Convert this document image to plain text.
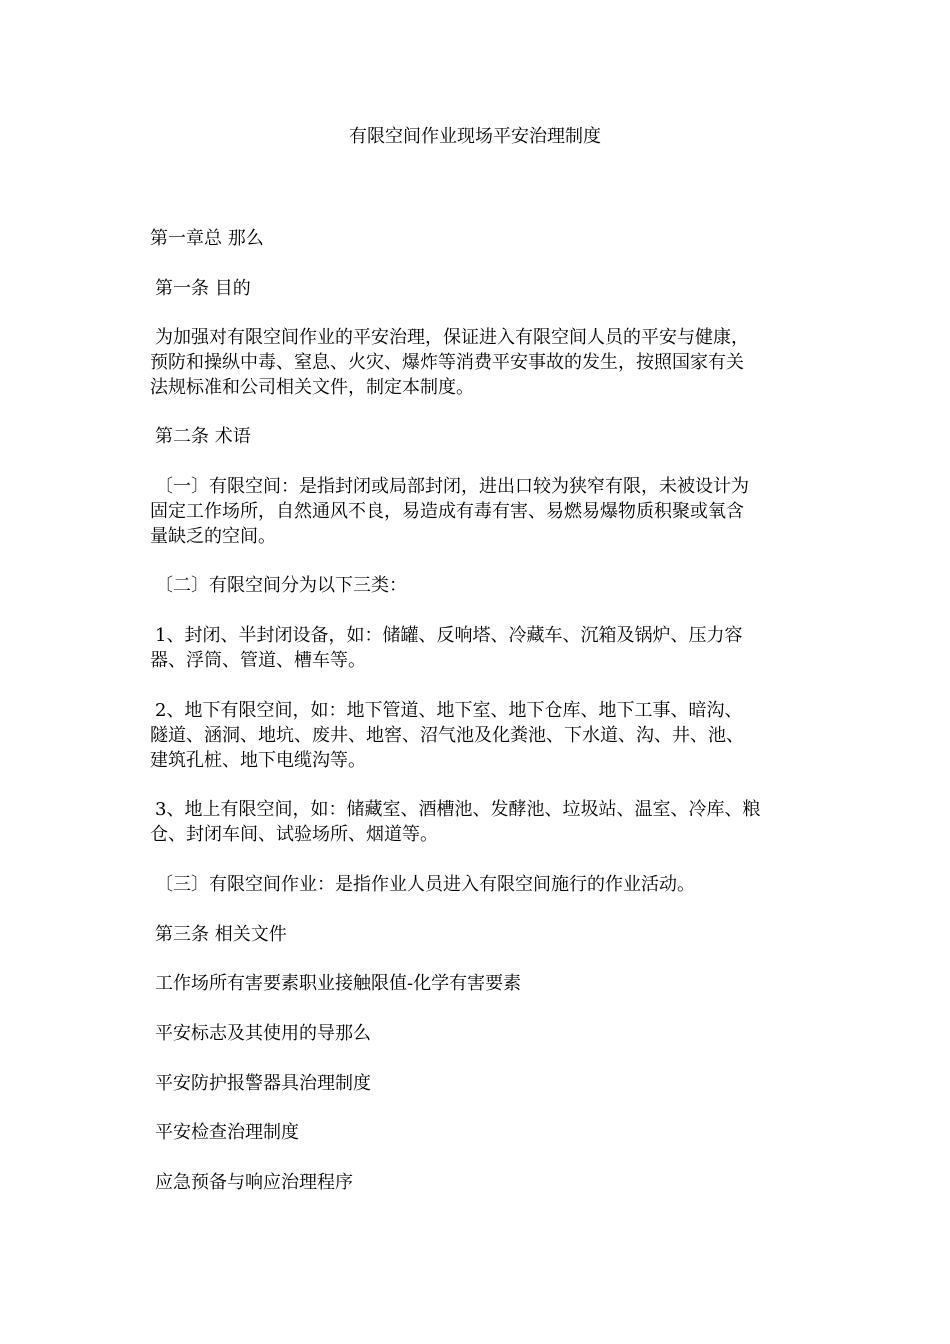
有限空间作业现场平安治理制度
第一章总 那么
第一条 目的
为加强对有限空间作业的平安治理，保证进入有限空间人员的平安与健康，
预防和操纵中毒、窒息、火灾、爆炸等消费平安事故的发生，按照国家有关
法规标准和公司相关文件，制定本制度。
第二条 术语
〔一〕有限空间：是指封闭或局部封闭，进出口较为狭窄有限，未被设计为
固定工作场所，自然通风不良，易造成有毒有害、易燃易爆物质积聚或氧含
量缺乏的空间。
〔二〕有限空间分为以下三类：
1、封闭、半封闭设备，如：储罐、反响塔、冷藏车、沉箱及锅炉、压力容
器、浮筒、管道、槽车等。
2、地下有限空间，如：地下管道、地下室、地下仓库、地下工事、暗沟、
隧道、涵洞、地坑、废井、地窖、沼气池及化粪池、下水道、沟、井、池、
建筑孔桩、地下电缆沟等。
3、地上有限空间，如：储藏室、酒槽池、发酵池、垃圾站、温室、冷库、粮
仓、封闭车间、试验场所、烟道等。
〔三〕有限空间作业：是指作业人员进入有限空间施行的作业活动。
第三条 相关文件
工作场所有害要素职业接触限值-化学有害要素
平安标志及其使用的导那么
平安防护报警器具治理制度
平安检查治理制度
应急预备与响应治理程序
